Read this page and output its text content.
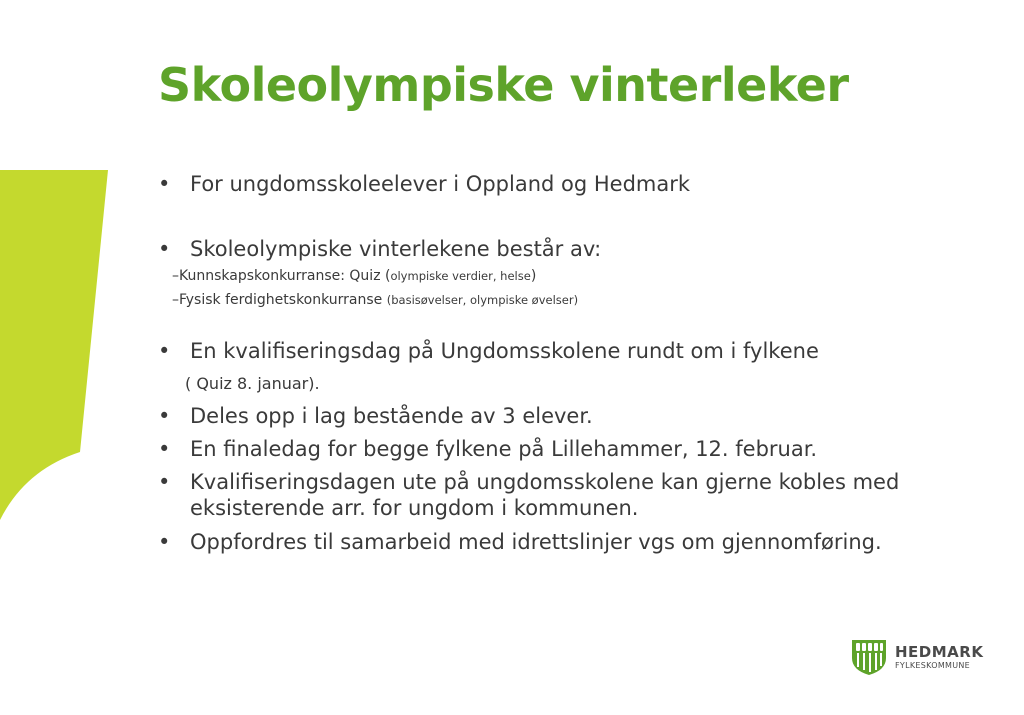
Skoleolympiske vinterleker
• For ungdomsskoleelever i Oppland og Hedmark
• Skoleolympiske vinterlekene består av:
–Kunnskapskonkurranse: Quiz (olympiske verdier, helse)
–Fysisk ferdighetskonkurranse (basisøvelser, olympiske øvelser)
• En kvalifiseringsdag på Ungdomsskolene rundt om i fylkene
( Quiz 8. januar).
• Deles opp i lag bestående av 3 elever.
• En finaledag for begge fylkene på Lillehammer, 12. februar.
• Kvalifiseringsdagen ute på ungdomsskolene kan gjerne kobles med
eksisterende arr. for ungdom i kommunen.
• Oppfordres til samarbeid med idrettslinjer vgs om gjennomføring.
HEDMARK
FYLKESKOMMUNE
